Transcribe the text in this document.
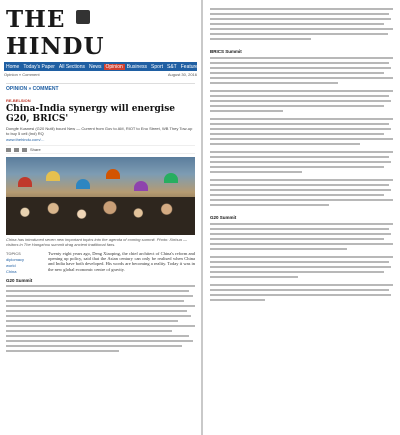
THE  HINDU
Home Today's Paper All Sections News Opinion Business Sport S&T Features
Opinion » Comment	August 30, 2016
OPINION » COMMENT
RE-BELSION
China-India synergy will energise G20, BRICS'
Dongfe Kusnesi (G20 Nutli) bourd New — Current from Gov to AM, RIOT to Eno Street, WB They Tow-up to buy 5 cell (Ind) RQ
www.thehindu.com/…
Share
China has introduced seven new important topics into the agenda of coming summit. Photo: Xinhua — visitors in The Hangzhou summit drag ancient traditional fans.
TOPICS
diplomacy
world
China
Twenty eight years ago, Deng Xiaoping, the chief architect of China's reform and opening up policy, said that the Asian century can only be realised when China and India have both developed. His words are becoming a reality. Today it was in the new global economic centre of gravity.
G20 Summit
BRICS Summit
G20 Summit
